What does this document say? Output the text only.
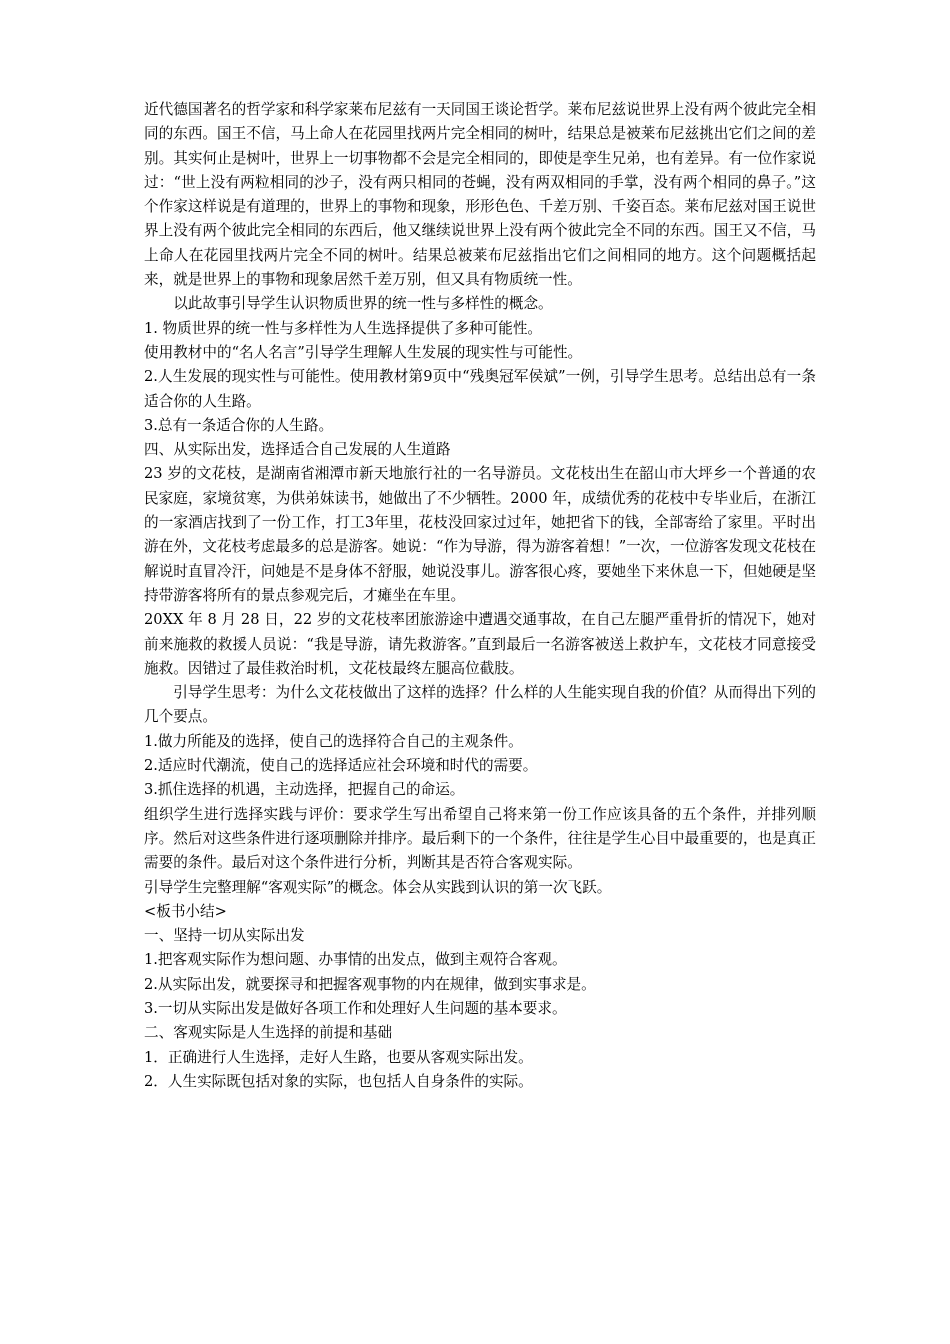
近代德国著名的哲学家和科学家莱布尼兹有一天同国王谈论哲学。莱布尼兹说世界上没有两个彼此完全相同的东西。国王不信，马上命人在花园里找两片完全相同的树叶，结果总是被莱布尼兹挑出它们之间的差别。其实何止是树叶，世界上一切事物都不会是完全相同的，即使是孪生兄弟，也有差异。有一位作家说过：“世上没有两粒相同的沙子，没有两只相同的苍蝇，没有两双相同的手掌，没有两个相同的鼻子。”这个作家这样说是有道理的，世界上的事物和现象，形形色色、千差万别、千姿百态。莱布尼兹对国王说世界上没有两个彼此完全相同的东西后，他又继续说世界上没有两个彼此完全不同的东西。国王又不信，马上命人在花园里找两片完全不同的树叶。结果总被莱布尼兹指出它们之间相同的地方。这个问题概括起来，就是世界上的事物和现象居然千差万别，但又具有物质统一性。

以此故事引导学生认识物质世界的统一性与多样性的概念。

1. 物质世界的统一性与多样性为人生选择提供了多种可能性。

使用教材中的“名人名言”引导学生理解人生发展的现实性与可能性。

2.人生发展的现实性与可能性。使用教材第9页中“残奥冠军侯斌”一例，引导学生思考。总结出总有一条适合你的人生路。

3.总有一条适合你的人生路。

四、从实际出发，选择适合自己发展的人生道路

23 岁的文花枝，是湖南省湘潭市新天地旅行社的一名导游员。文花枝出生在韶山市大坪乡一个普通的农民家庭，家境贫寒，为供弟妹读书，她做出了不少牺牲。2000 年，成绩优秀的花枝中专毕业后，在浙江的一家酒店找到了一份工作，打工3年里，花枝没回家过过年，她把省下的钱，全部寄给了家里。平时出游在外，文花枝考虑最多的总是游客。她说：“作为导游，得为游客着想！”一次，一位游客发现文花枝在解说时直冒冷汗，问她是不是身体不舒服，她说没事儿。游客很心疼，要她坐下来休息一下，但她硬是坚持带游客将所有的景点参观完后，才瘫坐在车里。

20XX 年 8 月 28 日，22 岁的文花枝率团旅游途中遭遇交通事故，在自己左腿严重骨折的情况下，她对前来施救的救援人员说：“我是导游，请先救游客。”直到最后一名游客被送上救护车，文花枝才同意接受施救。因错过了最佳救治时机，文花枝最终左腿高位截肢。

引导学生思考：为什么文花枝做出了这样的选择？什么样的人生能实现自我的价值？从而得出下列的几个要点。

1.做力所能及的选择，使自己的选择符合自己的主观条件。

2.适应时代潮流，使自己的选择适应社会环境和时代的需要。

3.抓住选择的机遇，主动选择，把握自己的命运。

组织学生进行选择实践与评价：要求学生写出希望自己将来第一份工作应该具备的五个条件，并排列顺序。然后对这些条件进行逐项删除并排序。最后剩下的一个条件，往往是学生心目中最重要的，也是真正需要的条件。最后对这个条件进行分析，判断其是否符合客观实际。

引导学生完整理解“客观实际”的概念。体会从实践到认识的第一次飞跃。

<板书小结>

一、坚持一切从实际出发

1.把客观实际作为想问题、办事情的出发点，做到主观符合客观。

2.从实际出发，就要探寻和把握客观事物的内在规律，做到实事求是。

3.一切从实际出发是做好各项工作和处理好人生问题的基本要求。

二、客观实际是人生选择的前提和基础

1．正确进行人生选择，走好人生路，也要从客观实际出发。

2．人生实际既包括对象的实际，也包括人自身条件的实际。
